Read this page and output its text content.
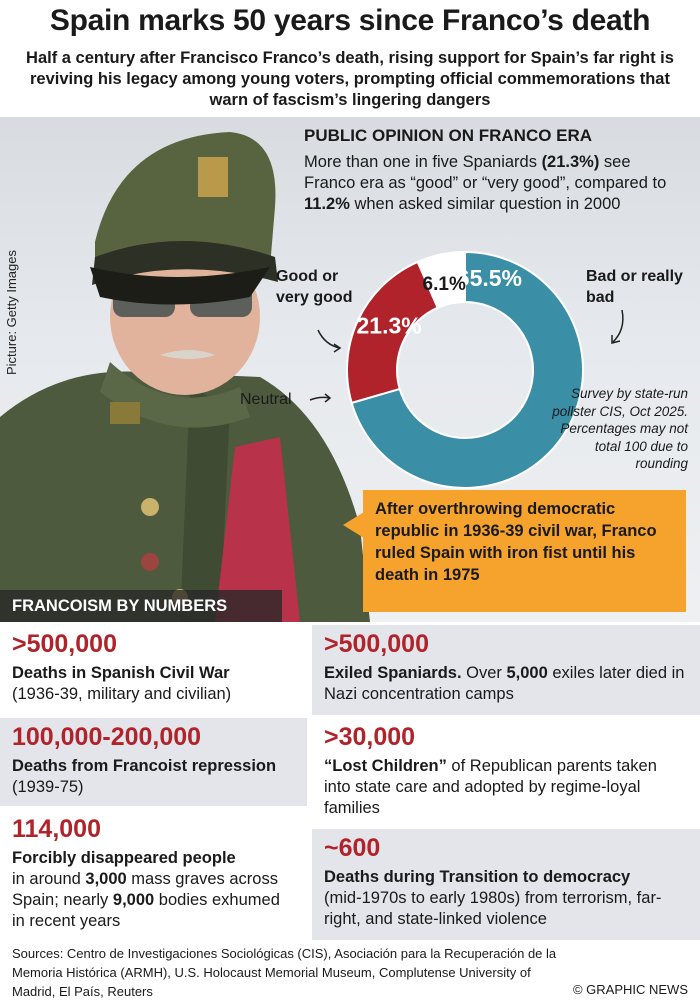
Spain marks 50 years since Franco’s death
Half a century after Francisco Franco’s death, rising support for Spain’s far right is reviving his legacy among young voters, prompting official commemorations that warn of fascism’s lingering dangers
Picture: Getty Images
PUBLIC OPINION ON FRANCO ERA
More than one in five Spaniards (21.3%) see Franco era as “good” or “very good”, compared to 11.2% when asked similar question in 2000
Good or very good
Bad or really bad
Neutral
65.5%
21.3%
6.1%
Survey by state-run pollster CIS, Oct 2025. Percentages may not total 100 due to rounding
After overthrowing democratic republic in 1936-39 civil war, Franco ruled Spain with iron fist until his death in 1975
FRANCOISM BY NUMBERS
>500,000
Deaths in Spanish Civil War
(1936-39, military and civilian)
100,000-200,000
Deaths from Francoist repression (1939-75)
114,000
Forcibly disappeared people
in around 3,000 mass graves across Spain; nearly 9,000 bodies exhumed in recent years
>500,000
Exiled Spaniards. Over 5,000 exiles later died in Nazi concentration camps
>30,000
“Lost Children” of Republican parents taken into state care and adopted by regime-loyal families
~600
Deaths during Transition to democracy
(mid-1970s to early 1980s) from terrorism, far-right, and state-linked violence
Sources: Centro de Investigaciones Sociológicas (CIS), Asociación para la Recuperación de la Memoria Histórica (ARMH), U.S. Holocaust Memorial Museum, Complutense University of Madrid, El País, Reuters	© GRAPHIC NEWS
